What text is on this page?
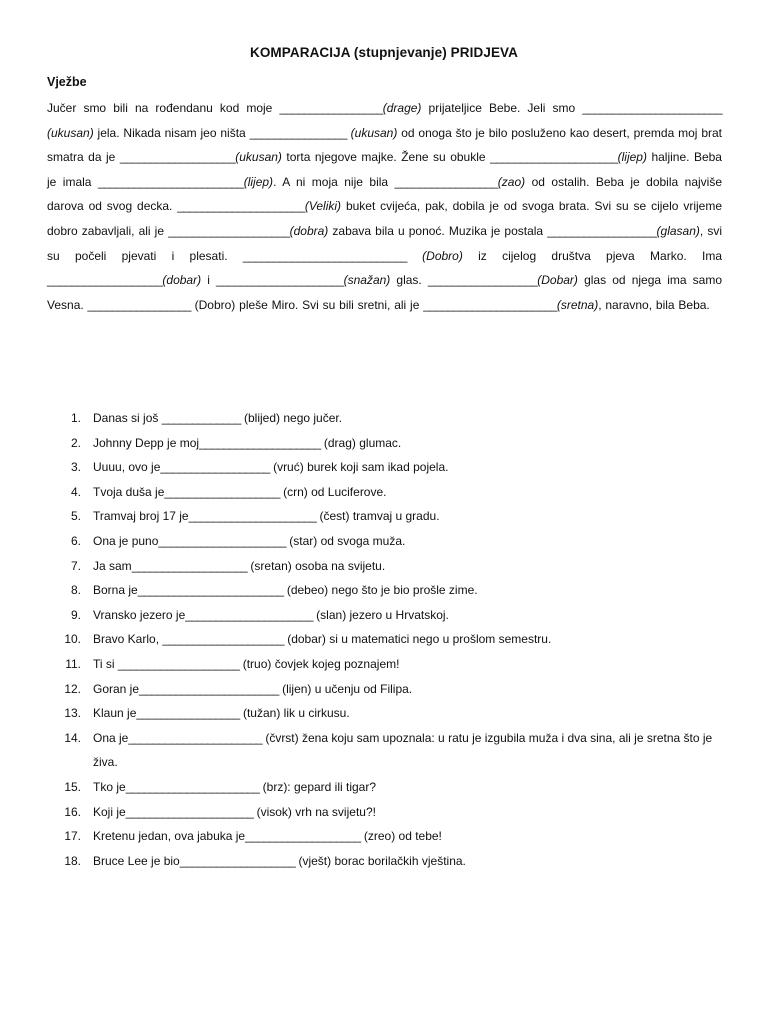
KOMPARACIJA (stupnjevanje) PRIDJEVA
Vježbe
Jučer smo bili na rođendanu kod moje _________________(drage) prijateljice Bebe. Jeli smo _______________________ (ukusan) jela. Nikada nisam jeo ništa ________________ (ukusan) od onoga što je bilo posluženo kao desert, premda moj brat smatra da je ___________________(ukusan) torta njegove majke. Žene su obukle _____________________(lijep) haljine. Beba je imala ________________________(lijep). A ni moja nije bila _________________(zao) od ostalih. Beba je dobila najviše darova od svog decka. _____________________(Veliki) buket cvijeća, pak, dobila je od svoga brata. Svi su se cijelo vrijeme dobro zabavljali, ali je ____________________(dobra) zabava bila u ponoć. Muzika je postala __________________(glasan), svi su počeli pjevati i plesati. ___________________________ (Dobro) iz cijelog društva pjeva Marko. Ima ___________________(dobar) i _____________________(snažan) glas. __________________(Dobar) glas od njega ima samo Vesna. _________________ (Dobro) pleše Miro. Svi su bili sretni, ali je ______________________(sretna), naravno, bila Beba.
1. Danas si još _____________ (blijed) nego jučer.
2. Johnny Depp je moj____________________ (drag) glumac.
3. Uuuu, ovo je__________________ (vruć) burek koji sam ikad pojela.
4. Tvoja duša je___________________ (crn) od Luciferove.
5. Tramvaj broj 17 je_____________________ (čest) tramvaj u gradu.
6. Ona je puno_____________________ (star) od svoga muža.
7. Ja sam___________________ (sretan) osoba na svijetu.
8. Borna je________________________ (debeo) nego što je bio prošle zime.
9. Vransko jezero je_____________________ (slan) jezero u Hrvatskoj.
10. Bravo Karlo, ____________________ (dobar) si u matematici nego u prošlom semestru.
11. Ti si ____________________ (truo) čovjek kojeg poznajem!
12. Goran je_______________________ (lijen) u učenju od Filipa.
13. Klaun je_________________ (tužan) lik u cirkusu.
14. Ona je______________________ (čvrst) žena koju sam upoznala: u ratu je izgubila muža i dva sina, ali je sretna što je živa.
15. Tko je______________________ (brz): gepard ili tigar?
16. Koji je_____________________ (visok) vrh na svijetu?!
17. Kretenu jedan, ova jabuka je___________________ (zreo) od tebe!
18. Bruce Lee je bio___________________ (vješt) borac borilačkih vještina.
